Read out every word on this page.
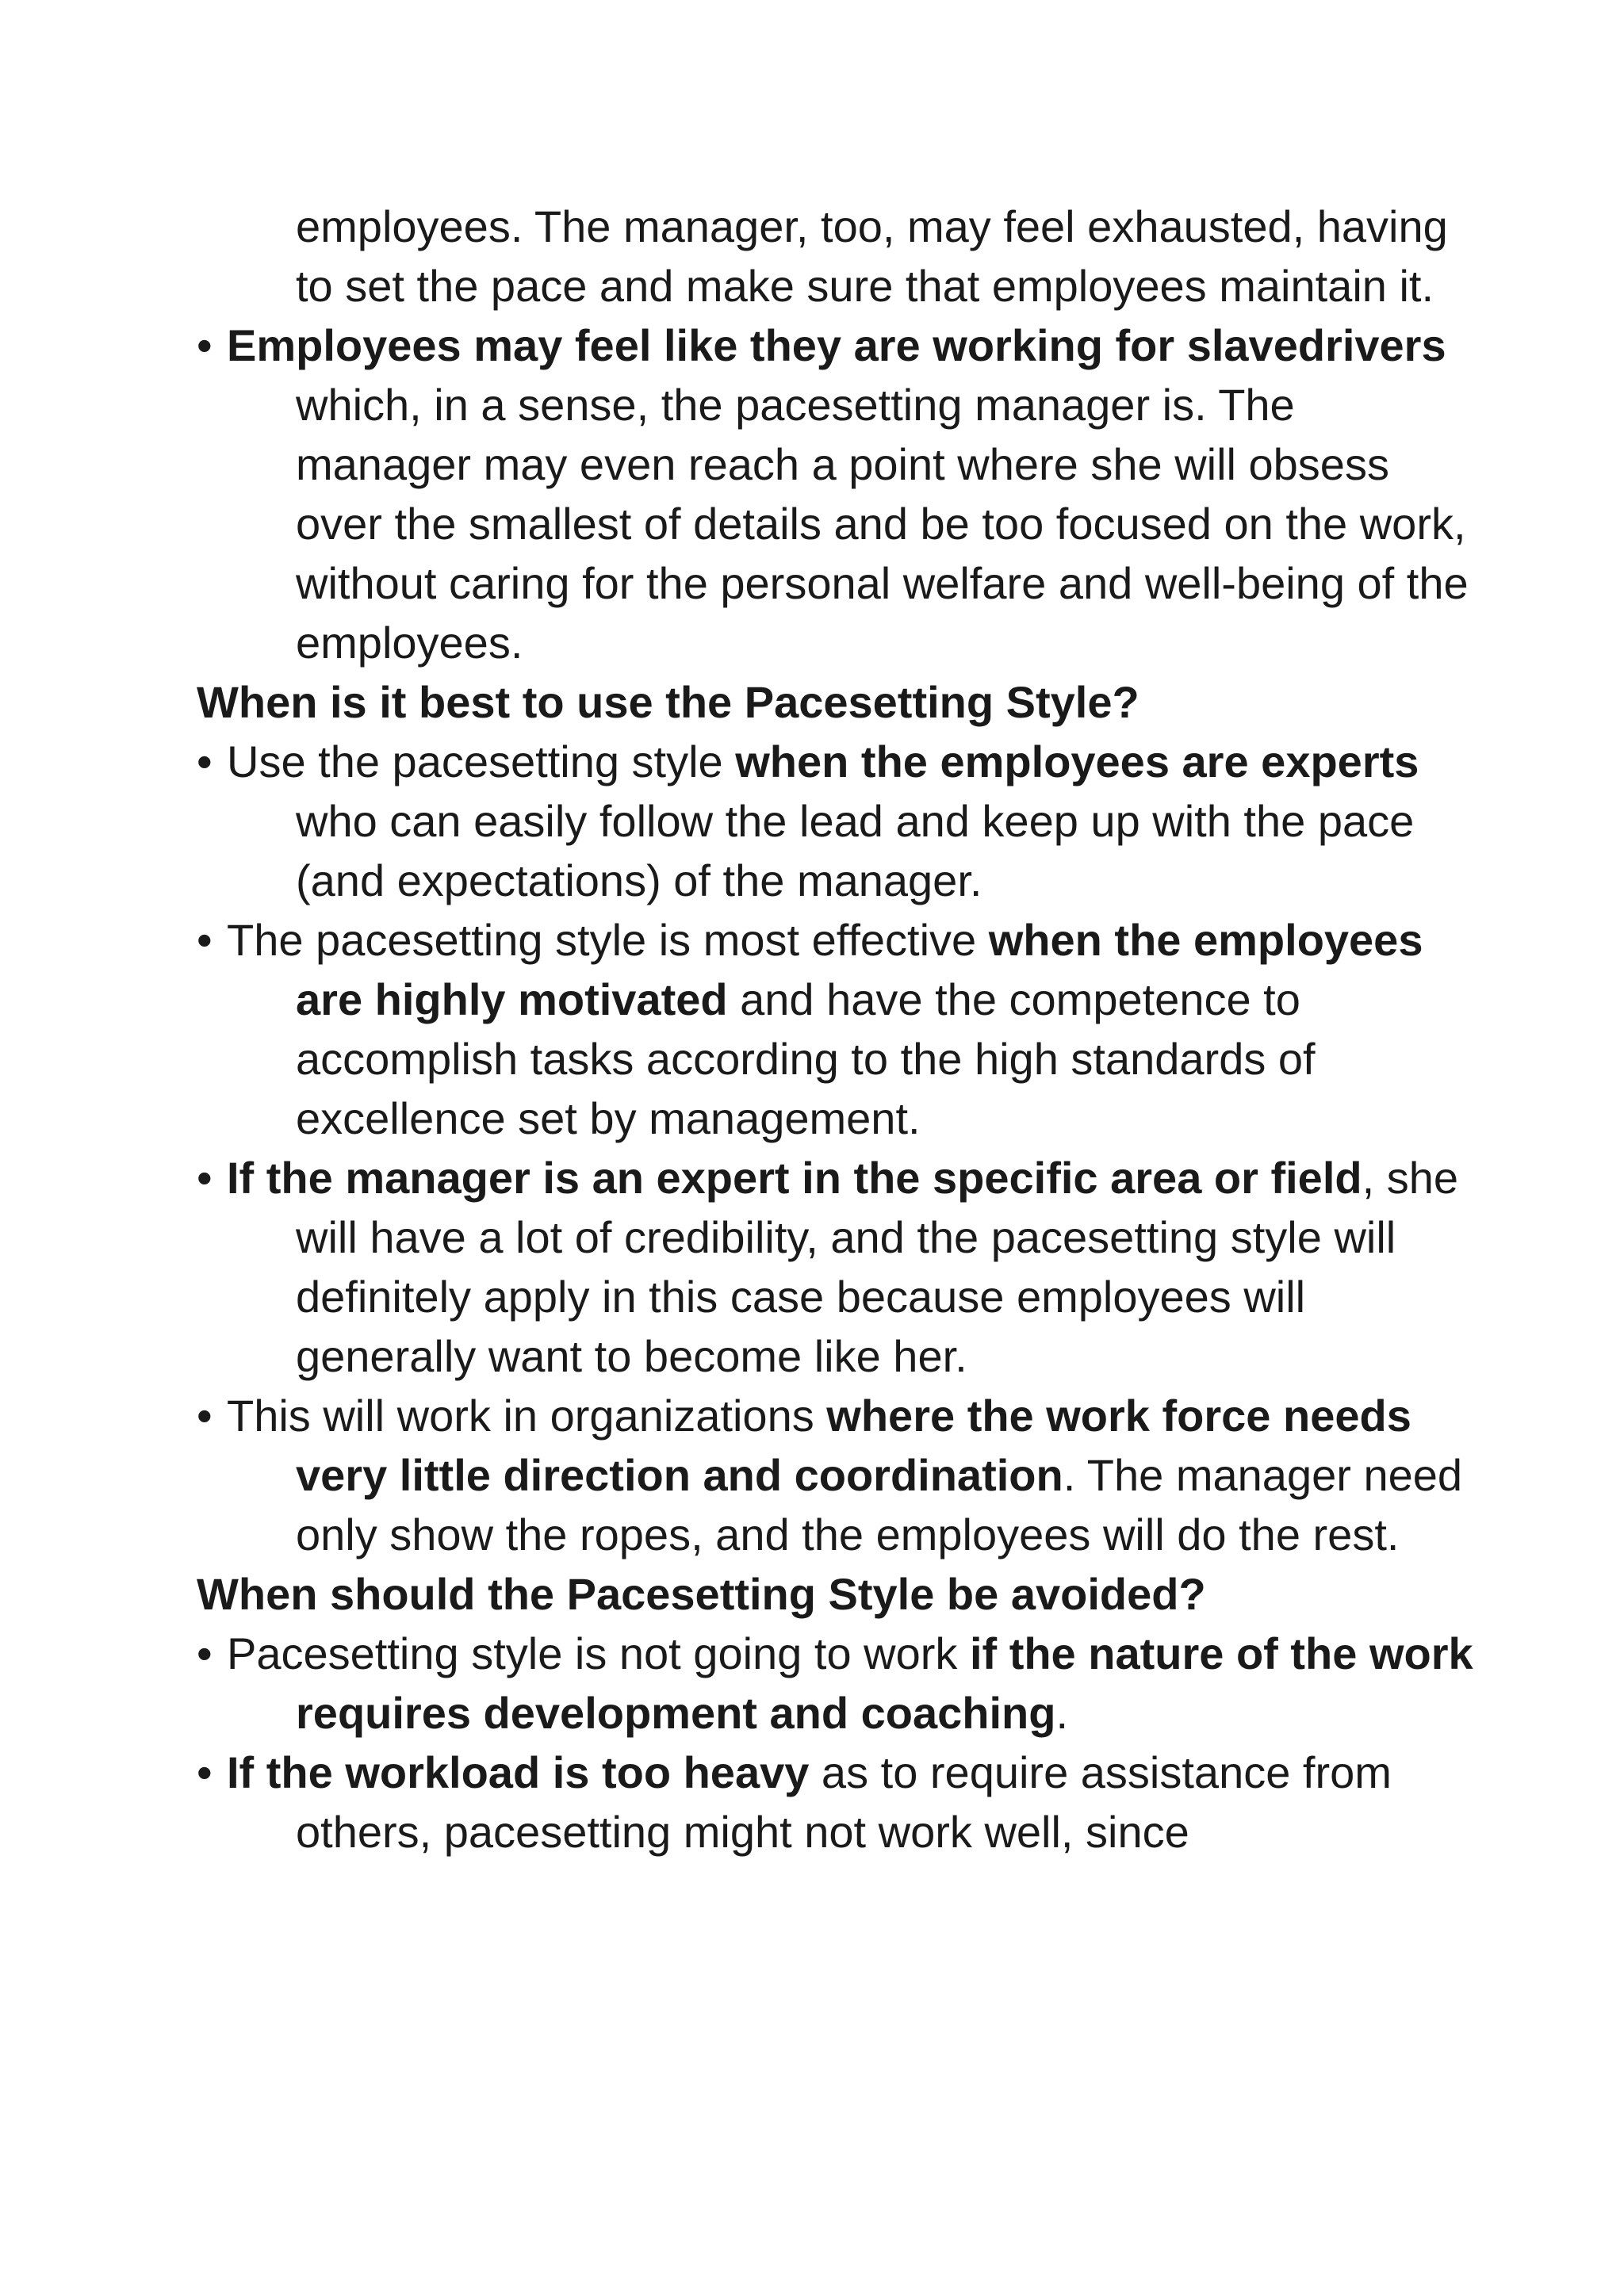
employees. The manager, too, may feel exhausted, having to set the pace and make sure that employees maintain it.

• Employees may feel like they are working for slavedrivers which, in a sense, the pacesetting manager is. The manager may even reach a point where she will obsess over the smallest of details and be too focused on the work, without caring for the personal welfare and well-being of the employees.

When is it best to use the Pacesetting Style?

• Use the pacesetting style when the employees are experts who can easily follow the lead and keep up with the pace (and expectations) of the manager.

• The pacesetting style is most effective when the employees are highly motivated and have the competence to accomplish tasks according to the high standards of excellence set by management.

• If the manager is an expert in the specific area or field, she will have a lot of credibility, and the pacesetting style will definitely apply in this case because employees will generally want to become like her.

• This will work in organizations where the work force needs very little direction and coordination. The manager need only show the ropes, and the employees will do the rest.

When should the Pacesetting Style be avoided?

• Pacesetting style is not going to work if the nature of the work requires development and coaching.

• If the workload is too heavy as to require assistance from others, pacesetting might not work well, since
